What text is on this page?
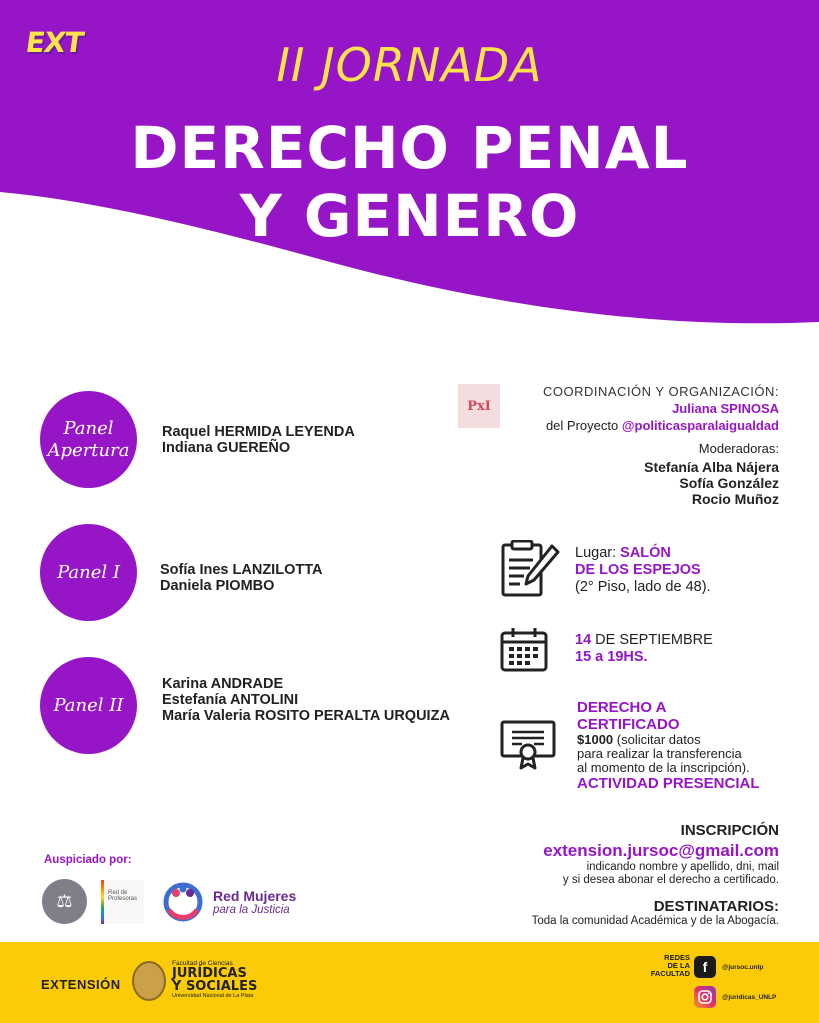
EXT	II JORNADA
DERECHO PENAL
Y GENERO
Panel
Apertura
Raquel HERMIDA LEYENDA
Indiana GUEREÑO
Panel I	Sofía Ines LANZILOTTA
Daniela PIOMBO
Panel II
Karina ANDRADE
Estefanía ANTOLINI
María Valeria ROSITO PERALTA URQUIZA
PxI
COORDINACIÓN Y ORGANIZACIÓN:
Juliana SPINOSA
del Proyecto @politicasparalaigualdad
Moderadoras:
Stefanía Alba Nájera
Sofía González
Rocio Muñoz
Lugar: SALÓN
DE LOS ESPEJOS
(2° Piso, lado de 48).
14 DE SEPTIEMBRE
15 a 19HS.
DERECHO A
CERTIFICADO
$1000 (solicitar datos
para realizar la transferencia
al momento de la inscripción).
ACTIVIDAD PRESENCIAL
INSCRIPCIÓN
extension.jursoc@gmail.com
indicando nombre y apellido, dni, mail
y si desea abonar el derecho a certificado.
DESTINATARIOS:
Toda la comunidad Académica y de la Abogacía.
Auspiciado por:
⚖	Red de
Profesoras	Red Mujeres
para la Justicia
EXTENSIÓN
Facultad de Ciencias
JURÍDICAS
Y SOCIALES
Universidad Nacional de La Plata
REDES
DE LA
FACULTAD f	@jursoc.unlp
@juridicas_UNLP
